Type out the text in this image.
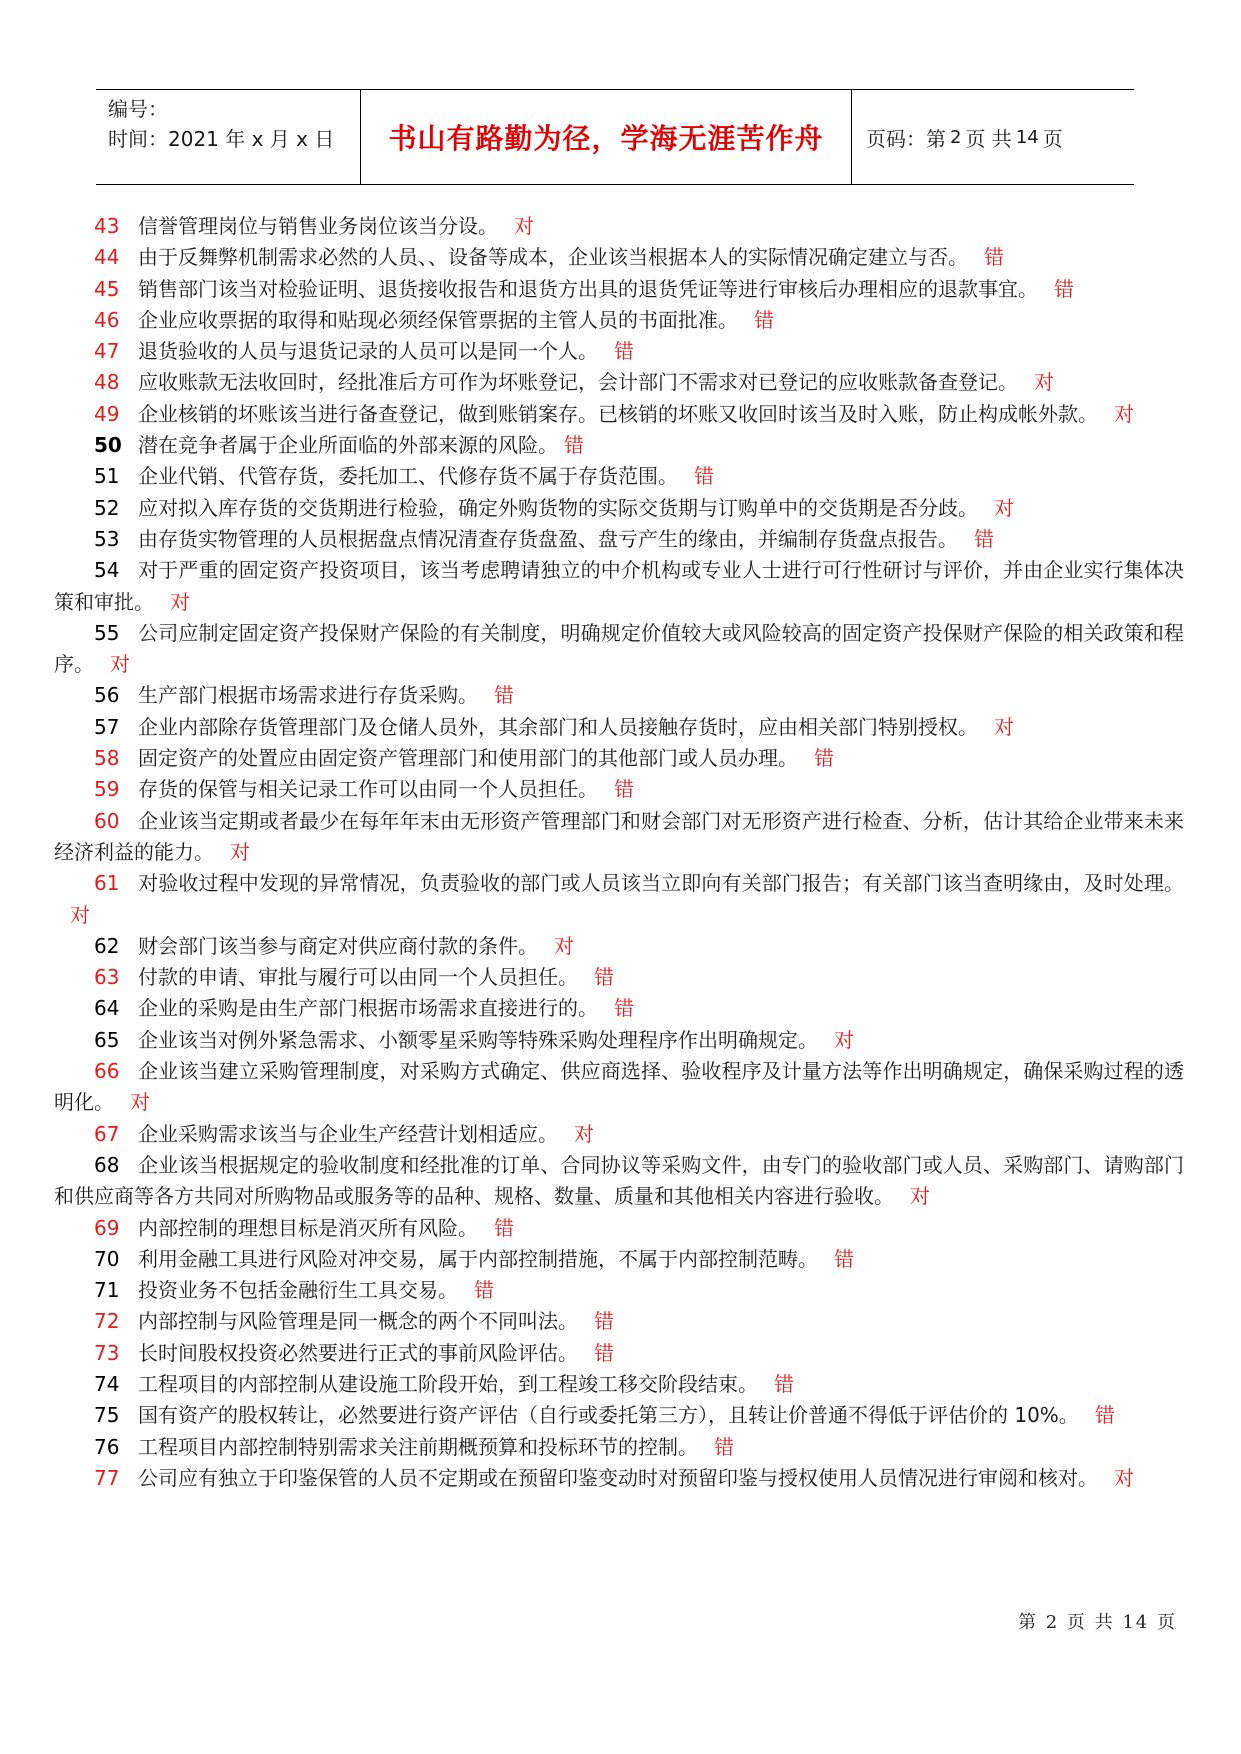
编号：
时间：2021 年 x 月 x 日	书山有路勤为径，学海无涯苦作舟	页码：第 2 页 共 14 页
43 信誉管理岗位与销售业务岗位该当分设。 对
44 由于反舞弊机制需求必然的人员、、设备等成本，企业该当根据本人的实际情况确定建立与否。 错
45 销售部门该当对检验证明、退货接收报告和退货方出具的退货凭证等进行审核后办理相应的退款事宜。 错
46 企业应收票据的取得和贴现必须经保管票据的主管人员的书面批准。 错
47 退货验收的人员与退货记录的人员可以是同一个人。 错
48 应收账款无法收回时，经批准后方可作为坏账登记，会计部门不需求对已登记的应收账款备查登记。 对
49 企业核销的坏账该当进行备查登记，做到账销案存。已核销的坏账又收回时该当及时入账，防止构成帐外款。 对
50 潜在竞争者属于企业所面临的外部来源的风险。 错
51 企业代销、代管存货，委托加工、代修存货不属于存货范围。 错
52 应对拟入库存货的交货期进行检验，确定外购货物的实际交货期与订购单中的交货期是否分歧。 对
53 由存货实物管理的人员根据盘点情况清查存货盘盈、盘亏产生的缘由，并编制存货盘点报告。 错
54 对于严重的固定资产投资项目，该当考虑聘请独立的中介机构或专业人士进行可行性研讨与评价，并由企业实行集体决策和审批。 对
55 公司应制定固定资产投保财产保险的有关制度，明确规定价值较大或风险较高的固定资产投保财产保险的相关政策和程序。 对
56 生产部门根据市场需求进行存货采购。 错
57 企业内部除存货管理部门及仓储人员外，其余部门和人员接触存货时，应由相关部门特别授权。 对
58 固定资产的处置应由固定资产管理部门和使用部门的其他部门或人员办理。 错
59 存货的保管与相关记录工作可以由同一个人员担任。 错
60 企业该当定期或者最少在每年年末由无形资产管理部门和财会部门对无形资产进行检查、分析，估计其给企业带来未来经济利益的能力。 对
61 对验收过程中发现的异常情况，负责验收的部门或人员该当立即向有关部门报告；有关部门该当查明缘由，及时处理。对
62 财会部门该当参与商定对供应商付款的条件。 对
63 付款的申请、审批与履行可以由同一个人员担任。 错
64 企业的采购是由生产部门根据市场需求直接进行的。 错
65 企业该当对例外紧急需求、小额零星采购等特殊采购处理程序作出明确规定。 对
66 企业该当建立采购管理制度，对采购方式确定、供应商选择、验收程序及计量方法等作出明确规定，确保采购过程的透明化。 对
67 企业采购需求该当与企业生产经营计划相适应。 对
68 企业该当根据规定的验收制度和经批准的订单、合同协议等采购文件，由专门的验收部门或人员、采购部门、请购部门和供应商等各方共同对所购物品或服务等的品种、规格、数量、质量和其他相关内容进行验收。 对
69 内部控制的理想目标是消灭所有风险。 错
70 利用金融工具进行风险对冲交易，属于内部控制措施，不属于内部控制范畴。 错
71 投资业务不包括金融衍生工具交易。 错
72 内部控制与风险管理是同一概念的两个不同叫法。 错
73 长时间股权投资必然要进行正式的事前风险评估。 错
74 工程项目的内部控制从建设施工阶段开始，到工程竣工移交阶段结束。 错
75 国有资产的股权转让，必然要进行资产评估（自行或委托第三方），且转让价普通不得低于评估价的 10%。 错
76 工程项目内部控制特别需求关注前期概预算和投标环节的控制。 错
77 公司应有独立于印鉴保管的人员不定期或在预留印鉴变动时对预留印鉴与授权使用人员情况进行审阅和核对。 对
第 2 页 共 14 页
